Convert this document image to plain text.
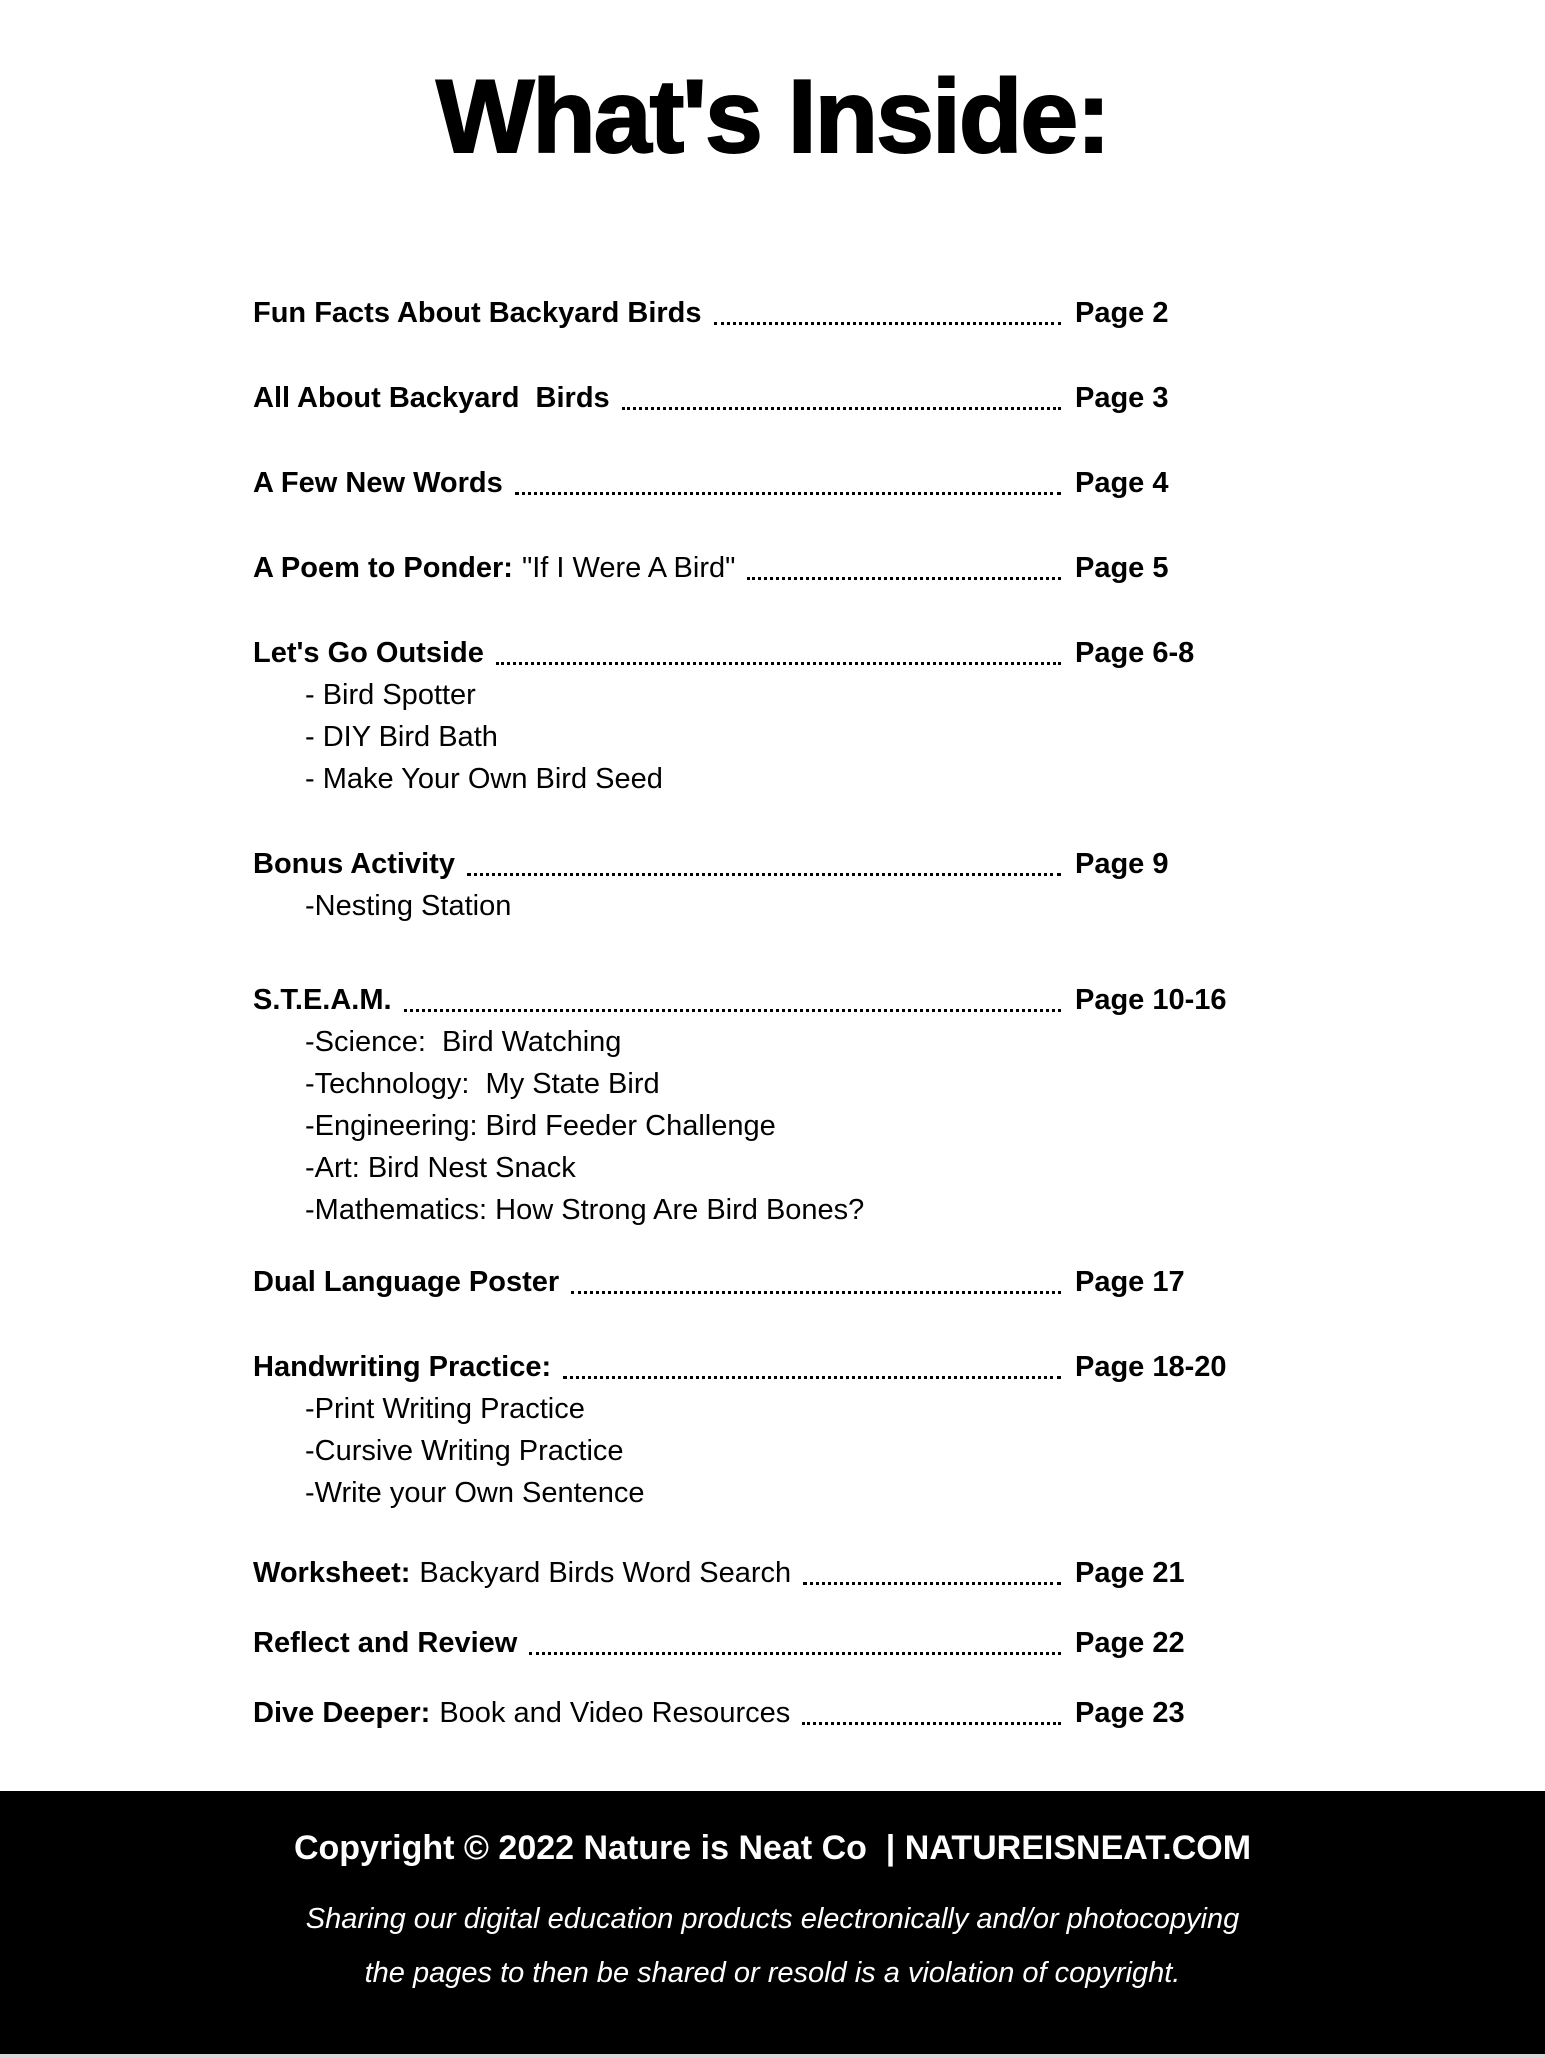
What's Inside:
Fun Facts About Backyard Birds	Page 2
All About Backyard  Birds	Page 3
A Few New Words	Page 4
A Poem to Ponder: "If I Were A Bird"	Page 5
Let's Go Outside	Page 6-8
- Bird Spotter
- DIY Bird Bath
- Make Your Own Bird Seed
Bonus Activity	Page 9
-Nesting Station
S.T.E.A.M.	Page 10-16
-Science:  Bird Watching
-Technology:  My State Bird
-Engineering: Bird Feeder Challenge
-Art: Bird Nest Snack
-Mathematics: How Strong Are Bird Bones?
Dual Language Poster	Page 17
Handwriting Practice:	Page 18-20
-Print Writing Practice
-Cursive Writing Practice
-Write your Own Sentence
Worksheet: Backyard Birds Word Search	Page 21
Reflect and Review	Page 22
Dive Deeper: Book and Video Resources	Page 23
Copyright © 2022 Nature is Neat Co  | NATUREISNEAT.COM
Sharing our digital education products electronically and/or photocopying
the pages to then be shared or resold is a violation of copyright.
